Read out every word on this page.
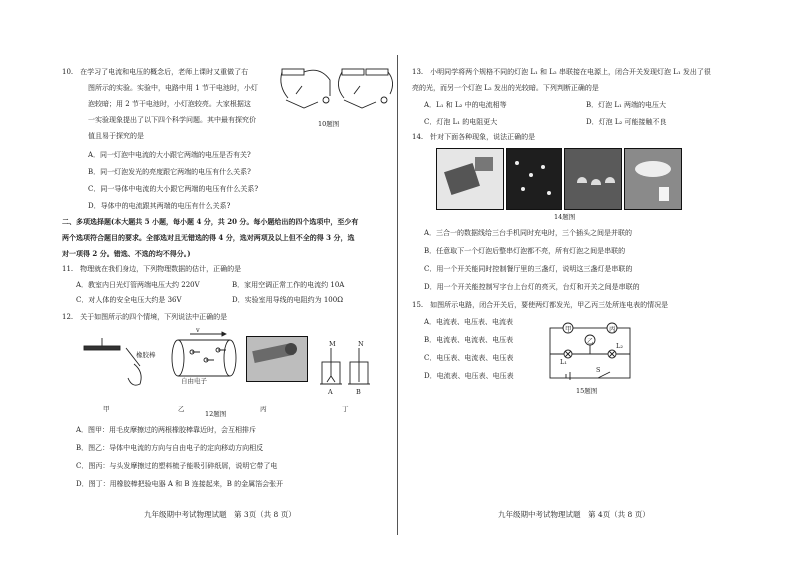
10.　在学习了电流和电压的概念后，老师上课时又重做了右
图所示的实验。实验中，电路中用 1 节干电池时，小灯
泡较暗；用 2 节干电池时，小灯泡较亮。大家根据这
一实验现象提出了以下四个科学问题。其中最有探究价
值且易于探究的是
10题图
A．同一灯泡中电流的大小跟它两端的电压是否有关?
B．同一灯泡发光的亮度跟它两端的电压有什么关系?
C．同一导体中电流的大小跟它两端的电压有什么关系?
D．导体中的电流跟其两端的电压有什么关系?
二、多项选择题(本大题共 5 小题，每小题 4 分，共 20 分。每小题给出的四个选项中，至少有
两个选项符合题目的要求。全部选对且无错选的得 4 分，选对两项及以上但不全的得 3 分，选
对一项得 2 分。错选、不选的均不得分。)
11.　物理就在我们身边，下列物理数据的估计，正确的是
A．教室内日光灯管两端电压大约 220V	B．家用空调正常工作的电流约 10A
C．对人体的安全电压大约是 36V	D．实验室用导线的电阻约为 100Ω
12.　关于如图所示的四个情境，下列说法中正确的是
橡胶棒
v
自由电子
M	N
A	B
甲	乙	丙	丁
12题图
A．图甲：用毛皮摩擦过的两根橡胶棒靠近时，会互相排斥
B．图乙：导体中电流的方向与自由电子的定向移动方向相反
C．图丙：与头发摩擦过的塑料梳子能吸引碎纸屑，说明它带了电
D．图丁：用橡胶棒把验电器 A 和 B 连接起来，B 的金属箔会张开
九年级期中考试物理试题　第 3页（共 8 页）
13.　小明同学将两个规格不同的灯泡 L₁ 和 L₂ 串联接在电源上，闭合开关发现灯泡 L₁ 发出了很
亮的光，而另一个灯泡 L₂ 发出的光较暗。下列判断正确的是
A．L₁ 和 L₂ 中的电流相等	B．灯泡 L₁ 两端的电压大
C．灯泡 L₁ 的电阻更大	D．灯泡 L₂ 可能接触不良
14.　针对下面各种现象，说法正确的是
14题图
A．三合一的数据线给三台手机同时充电时，三个插头之间是并联的
B．任意取下一个灯泡后整串灯泡都不亮，所有灯泡之间是串联的
C．用一个开关能同时控制餐厅里的三盏灯，说明这三盏灯是串联的
D．用一个开关能控制写字台上台灯的亮灭，台灯和开关之间是串联的
15.　如图所示电路，闭合开关后，要使两灯都发光，甲乙丙三处所连电表的情况是
A．电流表、电压表、电流表
B．电流表、电流表、电压表
C．电压表、电流表、电压表
D．电流表、电压表、电压表
甲
乙
丙
L₁
L₂
S
15题图
九年级期中考试物理试题　第 4页（共 8 页）
